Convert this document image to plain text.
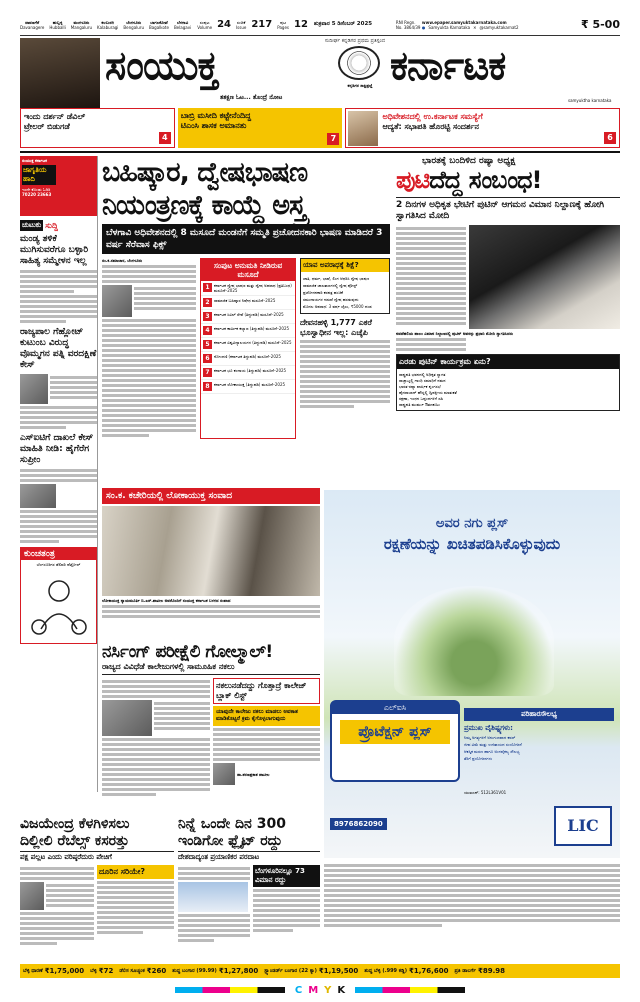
ದಾವಣಗೆರೆ
Davanagere
ಹುಬ್ಬಳ್ಳಿ
Hubballi
ಮಂಗಳೂರು
Mangaluru
ಕಲಬುರಗಿ
Kalaburagi
ಬೆಂಗಳೂರು
Bengaluru
ಬಾಗಲಕೋಟೆ
Bagalkote
ಬೆಳಗಾವಿ
Belagavi
ಸಂಪುಟ
Volume 24 ಸಂಚಿಕೆ
Issue 217	ಪುಟ
Pages 12 ಶುಕ್ರವಾರ 5 ಡಿಸೆಂಬರ್ 2025	RNI Regn. No. 3864/39
www.epaper.samyuktakarnataka.com
● Samyukta Karnataka ✕ @samyuktakarnat2	₹ 5-00
ಸುದೀರ್ಘ ಕನ್ನಡಿಗರ ಪ್ರಥಮ ಪ್ರತಿಸ್ಪಂದ
ಸಂಯುಕ್ತ	ಕನ್ನಡಿಗರ ಸಾಕ್ಷಿಪ್ರಜ್ಞೆ ಕರ್ನಾಟಕ
ತತಕ್ಷಣ ಓಟ... ತೊಂದ್ರೆ ನೋಟ	samyuktha karnataka
ಇಂದು ದರ್ಶನ್ ಡೆವಿಲ್
ಟ್ರೇಲರ್ ಬಿಡುಗಡೆ
4
ಬಾಬ್ರಿ ಮಸೀದಿ ಕಟ್ಟೇನೆಂದಿದ್ದ
ಟಿಎಂಸಿ ಶಾಸಕ ಅಮಾನತು
7
ಅಧಿವೇಶನದಲ್ಲಿ ಉ.ಕರ್ನಾಟಕ ಸಮಸ್ಯೆಗೆ
ಆದ್ಯತೆ: ಸಭಾಪತಿ ಹೊರಟ್ಟಿ ಸಂದರ್ಶನ
6
ಸಂಯುಕ್ತ ಕರ್ನಾಟಕ
ಜಾಗೃತಿಯ ಹಾದಿ
ಇಂದೇ ಕೊಂಡು ಓದಿರಿ
70220 23663
ಚುಟುಕು ಸುದ್ದಿ
ಮಂಡ್ಯ ತಳಿಕೆ ಮುಗಿಸುವರೆಗೂ ಬಳ್ಳಾರಿ ಸಾಹಿತ್ಯ ಸಮ್ಮೇಳನ ಇಲ್ಲ
ರಾಜ್ಯಪಾಲ ಗೆಹ್ಲೋಟ್ ಕುಟುಂಬ ವಿರುದ್ಧ ವೊಮ್ಮಗನ ಪತ್ನಿ ವರದಕ್ಷಿಣೆ ಕೇಸ್
ಎಸ್ಐಟಿಗೆ ದಾಖಲೆ ಕೇಸ್ ಮಾಹಿತಿ ನೀಡಿ: ಹೈಗೆರೆಗ ಸುಪ್ರೀಂ
ಕುಂಚತಂತ್ರ
ಬೆಂಗಳೂರಿಗರ ಡೆಲಿವರಿ ಪೆಟ್ರೋಲ್
ಬಹಿಷ್ಕಾರ, ದ್ವೇಷಭಾಷಣ
ನಿಯಂತ್ರಣಕ್ಕೆ ಕಾಯ್ದೆ ಅಸ್ತ್ರ
ಬೆಳಗಾವಿ ಅಧಿವೇಶನದಲ್ಲಿ 8 ಮಸೂದೆ ಮಂಡನೆಗೆ ಸಮ್ಮತಿ ಪ್ರಚೋದನಕಾರಿ ಭಾಷಣ ಮಾಡಿದರೆ 3 ವರ್ಷ ಸೆರೆವಾಸ ಫಿಕ್ಸ್
ಸಂ.ಕ.ಸಮಾಚಾರ, ಬೆಂಗಳೂರು
ಸಂಪುಟ ಅನುಮತಿ ನೀಡಿರುವ ಮಸೂದೆ
1	ಕರ್ನಾಟಕ ದ್ವೇಷ ಭಾಷಣ ಮತ್ತು ದ್ವೇಷ ಅಪರಾಧ (ಪ್ರತಿಬಂಧ) ಮಸೂದೆ–2025
2	ಸಾಮಾಜಿಕ ಬಹಿಷ್ಕಾರ ನಿಷೇಧ ಮಸೂದೆ–2025
3	ಕರ್ನಾಟಕ ಸಿವಿಲ್ ಸೇವೆ (ತಿದ್ದುಪಡಿ) ಮಸೂದೆ–2025
4	ಕರ್ನಾಟಕ ಕಾರ್ಮಿಕ ಕಲ್ಯಾಣ (ತಿದ್ದುಪಡಿ) ಮಸೂದೆ–2025
5	ಕರ್ನಾಟಕ ವಿಶ್ವವಿದ್ಯಾಲಯಗಳ (ತಿದ್ದುಪಡಿ) ಮಸೂದೆ–2025
6	ನೋಂದಣಿ (ಕರ್ನಾಟಕ ತಿದ್ದುಪಡಿ) ಮಸೂದೆ–2025
7	ಕರ್ನಾಟಕ ಭೂ ಕಂದಾಯ (ತಿದ್ದುಪಡಿ) ಮಸೂದೆ–2025
8	ಕರ್ನಾಟಕ ಲೋಕಾಯುಕ್ತ (ತಿದ್ದುಪಡಿ) ಮಸೂದೆ–2025
ಯಾವ ಅಪರಾಧಕ್ಕೆ ಶಿಕ್ಷೆ?
ಜಾತಿ, ಧರ್ಮ, ಭಾಷೆ, ಲಿಂಗ ಆಧರಿಸಿ ದ್ವೇಷ ಭಾಷಣ
ಸಾಮಾಜಿಕ ಜಾಲತಾಣಗಳಲ್ಲಿ ದ್ವೇಷ ಪೋಸ್ಟ್
ಪ್ರಚೋದನಕಾರಿ ಕರಪತ್ರ ಹಂಚಿಕೆ
ಸಮುದಾಯಗಳ ನಡುವೆ ದ್ವೇಷ ಹರಡುವುದು
ಮೊದಲ ಅಪರಾಧ: 3 ವರ್ಷ ಜೈಲು, ₹5000 ದಂಡ
ದೇವನಹಳ್ಳಿ 1,777 ಎಕರೆ ಭೂಸ್ವಾಧೀನ ಇಲ್ಲ: ಎಚ್ಕೆಪಿ
ಭಾರತಕ್ಕೆ ಬಂದಿಳಿದ ರಷ್ಯಾ ಅಧ್ಯಕ್ಷ
ಪುಟಿದೆದ್ದ ಸಂಬಂಧ!
2 ದಿನಗಳ ಅಧಿಕೃತ ಭೇಟಿಗೆ ಪುಟಿನ್ ಆಗಮನ ವಿಮಾನ ನಿಲ್ದಾಣಕ್ಕೆ ಹೋಗಿ ಸ್ವಾಗತಿಸಿದ ಮೋದಿ
ನವದೆಹಲಿಯ ಪಾಲಂ ವಿಮಾನ ನಿಲ್ದಾಣದಲ್ಲಿ ಪುಟಿನ್ ಅವರನ್ನು ಪ್ರಧಾನಿ ಮೋದಿ ಸ್ವಾಗತಿಸಿದರು
ಎರಡು ಪುಟಿನ್ ಕಾರ್ಯಕ್ರಮ ಏನು?
ರಾಷ್ಟ್ರಪತಿ ಭವನದಲ್ಲಿ ಅಧಿಕೃತ ಸ್ವಾಗತ
ರಾಜ್ಘಾಟ್ನಲ್ಲಿ ಗಾಂಧಿ ಸಮಾಧಿಗೆ ನಮನ
ಭಾರತ-ರಷ್ಯಾ ವಾರ್ಷಿಕ ಶೃಂಗಸಭೆ
ಹೈದರಾಬಾದ್ ಹೌಸ್ನಲ್ಲಿ ದ್ವಿಪಕ್ಷೀಯ ಮಾತುಕತೆ
ರಕ್ಷಣಾ, ಇಂಧನ ಒಪ್ಪಂದಗಳಿಗೆ ಸಹಿ
ರಾಷ್ಟ್ರಪತಿ ಮುರ್ಮು ಔತಣಕೂಟ
ಸಂ.ಕ. ಕಚೇರಿಯಲ್ಲಿ ಲೋಕಾಯುಕ್ತ ಸಂವಾದ
ಲೋಕಾಯುಕ್ತ ನ್ಯಾಯಮೂರ್ತಿ ಬಿ.ಎಸ್.ಪಾಟೀಲ ಅವರೊಂದಿಗೆ ಸಂಯುಕ್ತ ಕರ್ನಾಟಕ ಬಳಗದ ಸಂವಾದ
ನರ್ಸಿಂಗ್ ಪರೀಕ್ಷೆಲಿ ಗೋಲ್ಮಾಲ್!
ರಾಜ್ಯದ ವಿವಿಧೆಡೆ ಕಾಲೇಜುಗಳಲ್ಲಿ ಸಾಮೂಹಿಕ ನಕಲು
ನಕಲುನಡೆದದ್ದು ಗೊತ್ತಾದ್ರೆ ಕಾಲೇಜ್ ಬ್ಲಾಕ್ ಲಿಸ್ಟ್
ಯಾವುದೇ ಕಾಲೇಜು ನಕಲು ಮಾಡಲು ಅವಕಾಶ ಮಾಡಿಕೊಟ್ಟರೆ ಕ್ರಮ ಕೈಗೊಳ್ಳಲಾಗುವುದು
ಡಾ.ಶರಣಪ್ರಕಾಶ ಪಾಟೀಲ
ಅವರ ನಗು ಪ್ಲಸ್
ರಕ್ಷಣೆಯನ್ನು ಖಚಿತಪಡಿಸಿಕೊಳ್ಳುವುದು
ಎಲ್ಐಸಿ
ಪ್ರೊಟೆಕ್ಷನ್ ಪ್ಲಸ್
ಪರಿಹಾರಸೌಲಭ್ಯ
ಪ್ರಮುಖ ವೈಶಿಷ್ಟ್ಯಗಳು:
ನಿಮ್ಮ ಅಗತ್ಯಗಳಿಗೆ ಅನುಗುಣವಾದ ಕವರ್
ಜೀವ ವಿಮೆ ಮತ್ತು ಉಳಿತಾಯದ ಸಂಯೋಜನೆ
ಆಕಸ್ಮಿಕ ಮರಣ ಹಾಗೂ ಅಂಗವೈಕಲ್ಯ ಸೌಲಭ್ಯ
ತೆರಿಗೆ ಪ್ರಯೋಜನಗಳು
ಯುಐಎನ್: 512L361V01
8976862090	LIC
ವಿಜಯೇಂದ್ರ ಕೆಳಗಿಳಿಸಲು
ದಿಲ್ಲೀಲಿ ರೆಬೆಲ್ಸ್ ಕಸರತ್ತು
ಪಕ್ಷ ಪಲ್ಲಟ ಎಂದು ವರಿಷ್ಠರೆದುರು ಪೇಚಿಗೆ
ದೂರಿನ ಸರಿಯೇ?
ನಿನ್ನೆ ಒಂದೇ ದಿನ 300
ಇಂಡಿಗೋ ಫ್ಲೈಟ್ ರದ್ದು
ದೇಶದಾದ್ಯಂತ ಪ್ರಯಾಣಿಕರ ಪರದಾಟ
ಬೆಂಗಳೂರಿನಲ್ಲೂ 73 ವಿಮಾನ ರದ್ದು
ಬೆಳ್ಳಿ ಧಾರಣೆ ₹1,75,000 ಬೆಳ್ಳಿ ₹72 ಡೆಲಿಸ ಸೂಚ್ಯಂಕ ₹260 ಶುದ್ಧ ಬಂಗಾರ (99.99) ₹1,27,800 ಸ್ಟ್ಯಾಂಡರ್ಡ್ ಬಂಗಾರ (22 ಕ್ಯಾ) ₹1,19,500 ಶುದ್ಧ ಬೆಳ್ಳಿ (.999 ಕಡ್ಡಿ) ₹1,76,600 ಪ್ರತಿ ಡಾಲರ್ಗೆ ₹89.98
C M Y K
